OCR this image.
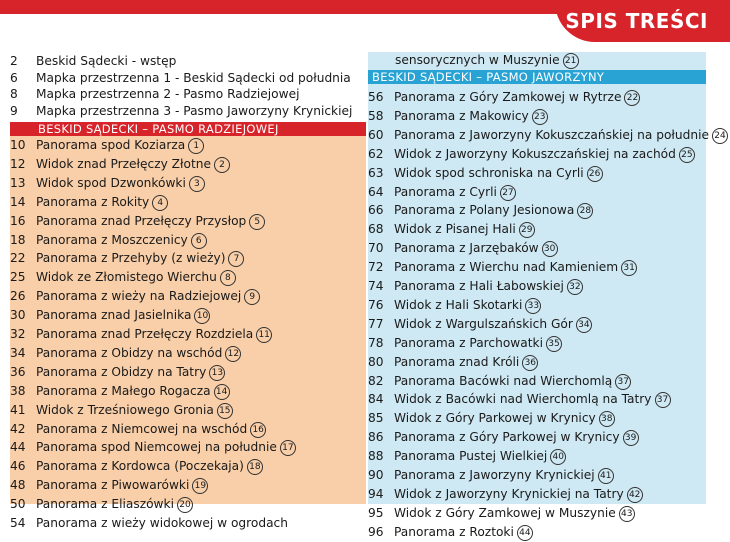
SPIS TREŚCI
BESKID SĄDECKI – PASMO RADZIEJOWEJ
2 Beskid Sądecki - wstęp
6 Mapka przestrzenna 1 - Beskid Sądecki od południa
8 Mapka przestrzenna 2 - Pasmo Radziejowej
9 Mapka przestrzenna 3 - Pasmo Jaworzyny Krynickiej
10 Panorama spod Koziarza 1
12 Widok znad Przełęczy Złotne 2
13 Widok spod Dzwonkówki 3
14 Panorama z Rokity 4
16 Panorama znad Przełęczy Przysłop 5
18 Panorama z Moszczenicy 6
22 Panorama z Przehyby (z wieży) 7
25 Widok ze Złomistego Wierchu 8
26 Panorama z wieży na Radziejowej 9
30 Panorama znad Jasielnika 10
32 Panorama znad Przełęczy Rozdziela 11
34 Panorama z Obidzy na wschód 12
36 Panorama z Obidzy na Tatry 13
38 Panorama z Małego Rogacza 14
41 Widok z Trześniowego Gronia 15
42 Panorama z Niemcowej na wschód 16
44 Panorama spod Niemcowej na południe 17
46 Panorama z Kordowca (Poczekaja) 18
48 Panorama z Piwowarówki 19
50 Panorama z Eliaszówki 20
54 Panorama z wieży widokowej w ogrodach
BESKID SĄDECKI – PASMO JAWORZYNY
sensorycznych w Muszynie 21
56 Panorama z Góry Zamkowej w Rytrze 22
58 Panorama z Makowicy 23
60 Panorama z Jaworzyny Kokuszczańskiej na południe 24
62 Widok z Jaworzyny Kokuszczańskiej na zachód 25
63 Widok spod schroniska na Cyrli 26
64 Panorama z Cyrli 27
66 Panorama z Polany Jesionowa 28
68 Widok z Pisanej Hali 29
70 Panorama z Jarzębaków 30
72 Panorama z Wierchu nad Kamieniem 31
74 Panorama z Hali Łabowskiej 32
76 Widok z Hali Skotarki 33
77 Widok z Wargulszańskich Gór 34
78 Panorama z Parchowatki 35
80 Panorama znad Króli 36
82 Panorama Bacówki nad Wierchomlą 37
84 Widok z Bacówki nad Wierchomlą na Tatry 37
85 Widok z Góry Parkowej w Krynicy 38
86 Panorama z Góry Parkowej w Krynicy 39
88 Panorama Pustej Wielkiej 40
90 Panorama z Jaworzyny Krynickiej 41
94 Widok z Jaworzyny Krynickiej na Tatry 42
95 Widok z Góry Zamkowej w Muszynie 43
96 Panorama z Roztoki 44
